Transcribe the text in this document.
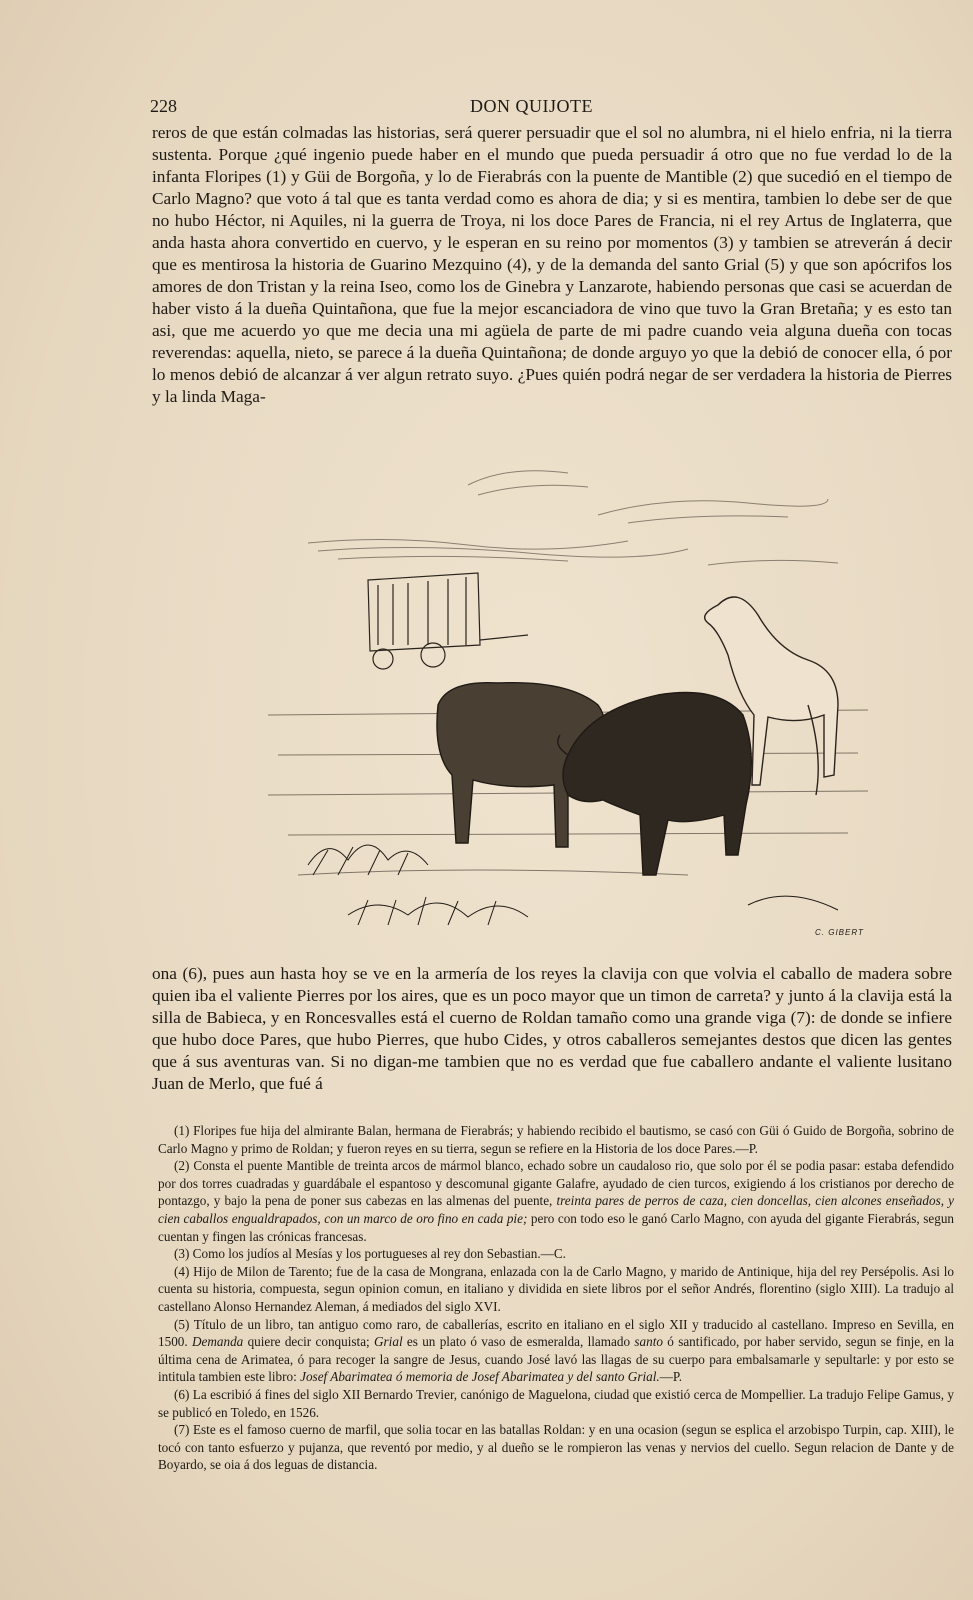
228	DON QUIJOTE

reros de que están colmadas las historias, será querer persuadir que el sol no alumbra, ni el hielo enfria, ni la tierra sustenta. Porque ¿qué ingenio puede haber en el mundo que pueda persuadir á otro que no fue verdad lo de la infanta Floripes (1) y Güi de Borgoña, y lo de Fierabrás con la puente de Mantible (2) que sucedió en el tiempo de Carlo Magno? que voto á tal que es tanta verdad como es ahora de dia; y si es mentira, tambien lo debe ser de que no hubo Héctor, ni Aquiles, ni la guerra de Troya, ni los doce Pares de Francia, ni el rey Artus de Inglaterra, que anda hasta ahora convertido en cuervo, y le esperan en su reino por momentos (3) y tambien se atreverán á decir que es mentirosa la historia de Guarino Mezquino (4), y de la demanda del santo Grial (5) y que son apócrifos los amores de don Tristan y la reina Iseo, como los de Ginebra y Lanzarote, habiendo personas que casi se acuerdan de haber visto á la dueña Quintañona, que fue la mejor escanciadora de vino que tuvo la Gran Bretaña; y es esto tan asi, que me acuerdo yo que me decia una mi agüela de parte de mi padre cuando veia alguna dueña con tocas reverendas: aquella, nieto, se parece á la dueña Quintañona; de donde arguyo yo que la debió de conocer ella, ó por lo menos debió de alcanzar á ver algun retrato suyo. ¿Pues quién podrá negar de ser verdadera la historia de Pierres y la linda Maga-

C. GIBERT

ona (6), pues aun hasta hoy se ve en la armería de los reyes la clavija con que volvia el caballo de madera sobre quien iba el valiente Pierres por los aires, que es un poco mayor que un timon de carreta? y junto á la clavija está la silla de Babieca, y en Roncesvalles está el cuerno de Roldan tamaño como una grande viga (7): de donde se infiere que hubo doce Pares, que hubo Pierres, que hubo Cides, y otros caballeros semejantes destos que dicen las gentes que á sus aventuras van. Si no digan-me tambien que no es verdad que fue caballero andante el valiente lusitano Juan de Merlo, que fué á

(1) Floripes fue hija del almirante Balan, hermana de Fierabrás; y habiendo recibido el bautismo, se casó con Güi ó Guido de Borgoña, sobrino de Carlo Magno y primo de Roldan; y fueron reyes en su tierra, segun se refiere en la Historia de los doce Pares.—P.

(2) Consta el puente Mantible de treinta arcos de mármol blanco, echado sobre un caudaloso rio, que solo por él se podia pasar: estaba defendido por dos torres cuadradas y guardábale el espantoso y descomunal gigante Galafre, ayudado de cien turcos, exigiendo á los cristianos por derecho de pontazgo, y bajo la pena de poner sus cabezas en las almenas del puente, treinta pares de perros de caza, cien doncellas, cien alcones enseñados, y cien caballos engualdrapados, con un marco de oro fino en cada pie; pero con todo eso le ganó Carlo Magno, con ayuda del gigante Fierabrás, segun cuentan y fingen las crónicas francesas.

(3) Como los judíos al Mesías y los portugueses al rey don Sebastian.—C.

(4) Hijo de Milon de Tarento; fue de la casa de Mongrana, enlazada con la de Carlo Magno, y marido de Antinique, hija del rey Persépolis. Asi lo cuenta su historia, compuesta, segun opinion comun, en italiano y dividida en siete libros por el señor Andrés, florentino (siglo XIII). La tradujo al castellano Alonso Hernandez Aleman, á mediados del siglo XVI.

(5) Título de un libro, tan antiguo como raro, de caballerías, escrito en italiano en el siglo XII y traducido al castellano. Impreso en Sevilla, en 1500. Demanda quiere decir conquista; Grial es un plato ó vaso de esmeralda, llamado santo ó santificado, por haber servido, segun se finje, en la última cena de Arimatea, ó para recoger la sangre de Jesus, cuando José lavó las llagas de su cuerpo para embalsamarle y sepultarle: y por esto se intitula tambien este libro: Josef Abarimatea ó memoria de Josef Abarimatea y del santo Grial.—P.

(6) La escribió á fines del siglo XII Bernardo Trevier, canónigo de Maguelona, ciudad que existió cerca de Mompellier. La tradujo Felipe Gamus, y se publicó en Toledo, en 1526.

(7) Este es el famoso cuerno de marfil, que solia tocar en las batallas Roldan: y en una ocasion (segun se esplica el arzobispo Turpin, cap. XIII), le tocó con tanto esfuerzo y pujanza, que reventó por medio, y al dueño se le rompieron las venas y nervios del cuello. Segun relacion de Dante y de Boyardo, se oia á dos leguas de distancia.
